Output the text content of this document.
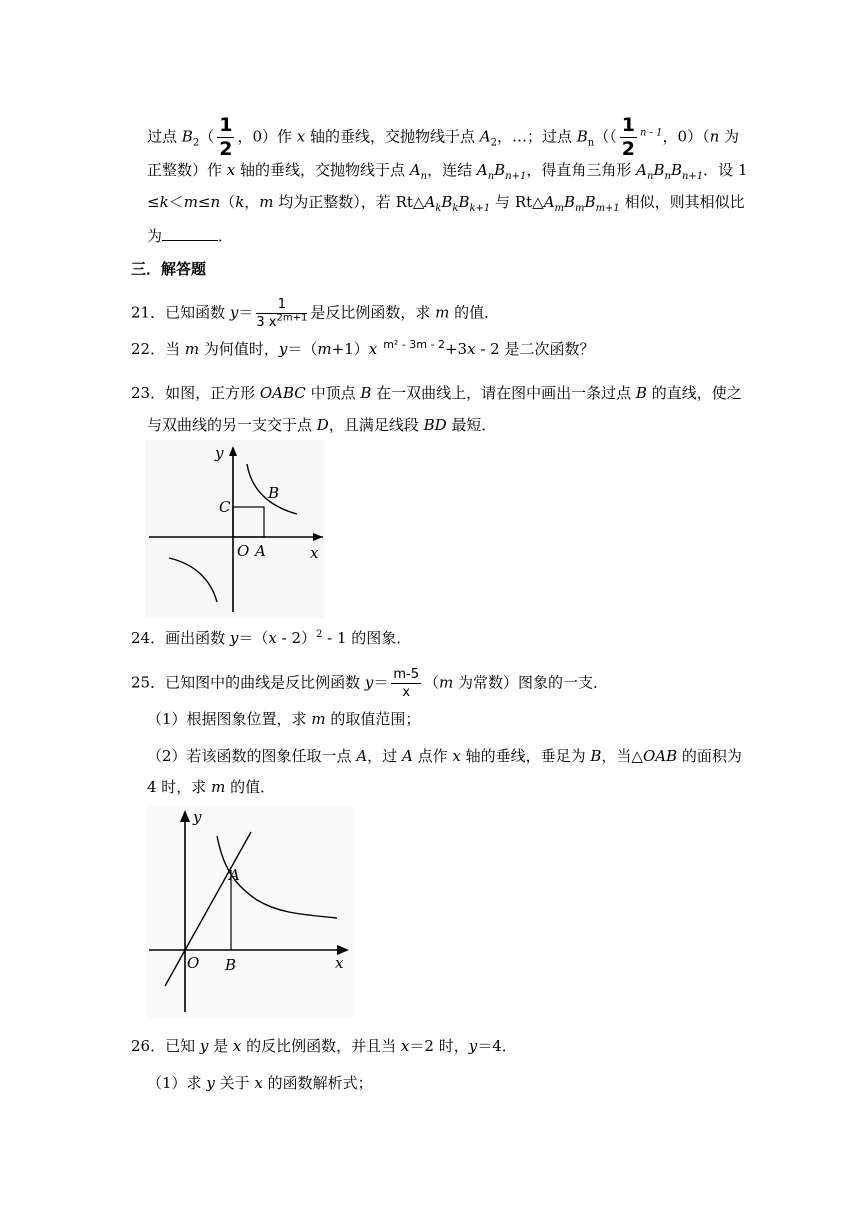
过点 $B_2( \frac{1}{2}$ ，0）作 x 轴的垂线，交抛物线于点 $A_2$，…；过点 $B_n(( \frac{1}{2} ^{n - 1}$，0）（n 为
正整数）作 x 轴的垂线，交抛物线于点 $A_n$，连结 $A_nB_{n+1}$，得直角三角形 $A_nB_nB_{n+1}$．设 1
≤k＜m≤n（k，m 均为正整数），若 $Rt\triangle A_kB_kB_{k+1}$ 与 $Rt\triangle A_mB_mB_{m+1}$ 相似，则其相似比
为	．
三．解答题
21．已知函数 $y= \frac{1}{3 x^{2m+1}}$ 是反比例函数，求 m 的值．
22．当 m 为何值时，y＝（m+1）x $^{m^2 - 3m - 2}$+3x - 2 是二次函数？
23．如图，正方形 OABC 中顶点 B 在一双曲线上，请在图中画出一条过点 B 的直线，使之
与双曲线的另一支交于点 D，且满足线段 BD 最短．
y
x
C
B
O A
24．画出函数 y＝（x - 2）$^2$ - 1 的图象．
25．已知图中的曲线是反比例函数 $y= \frac{m-5}{x} (m$ 为常数）图象的一支．
（1）根据图象位置，求 m 的取值范围；
（2）若该函数的图象任取一点 A，过 A 点作 x 轴的垂线，垂足为 B，当△OAB 的面积为
4 时，求 m 的值．
y
x
A
O B
26．已知 y 是 x 的反比例函数，并且当 x＝2 时，y＝4．
（1）求 y 关于 x 的函数解析式；
